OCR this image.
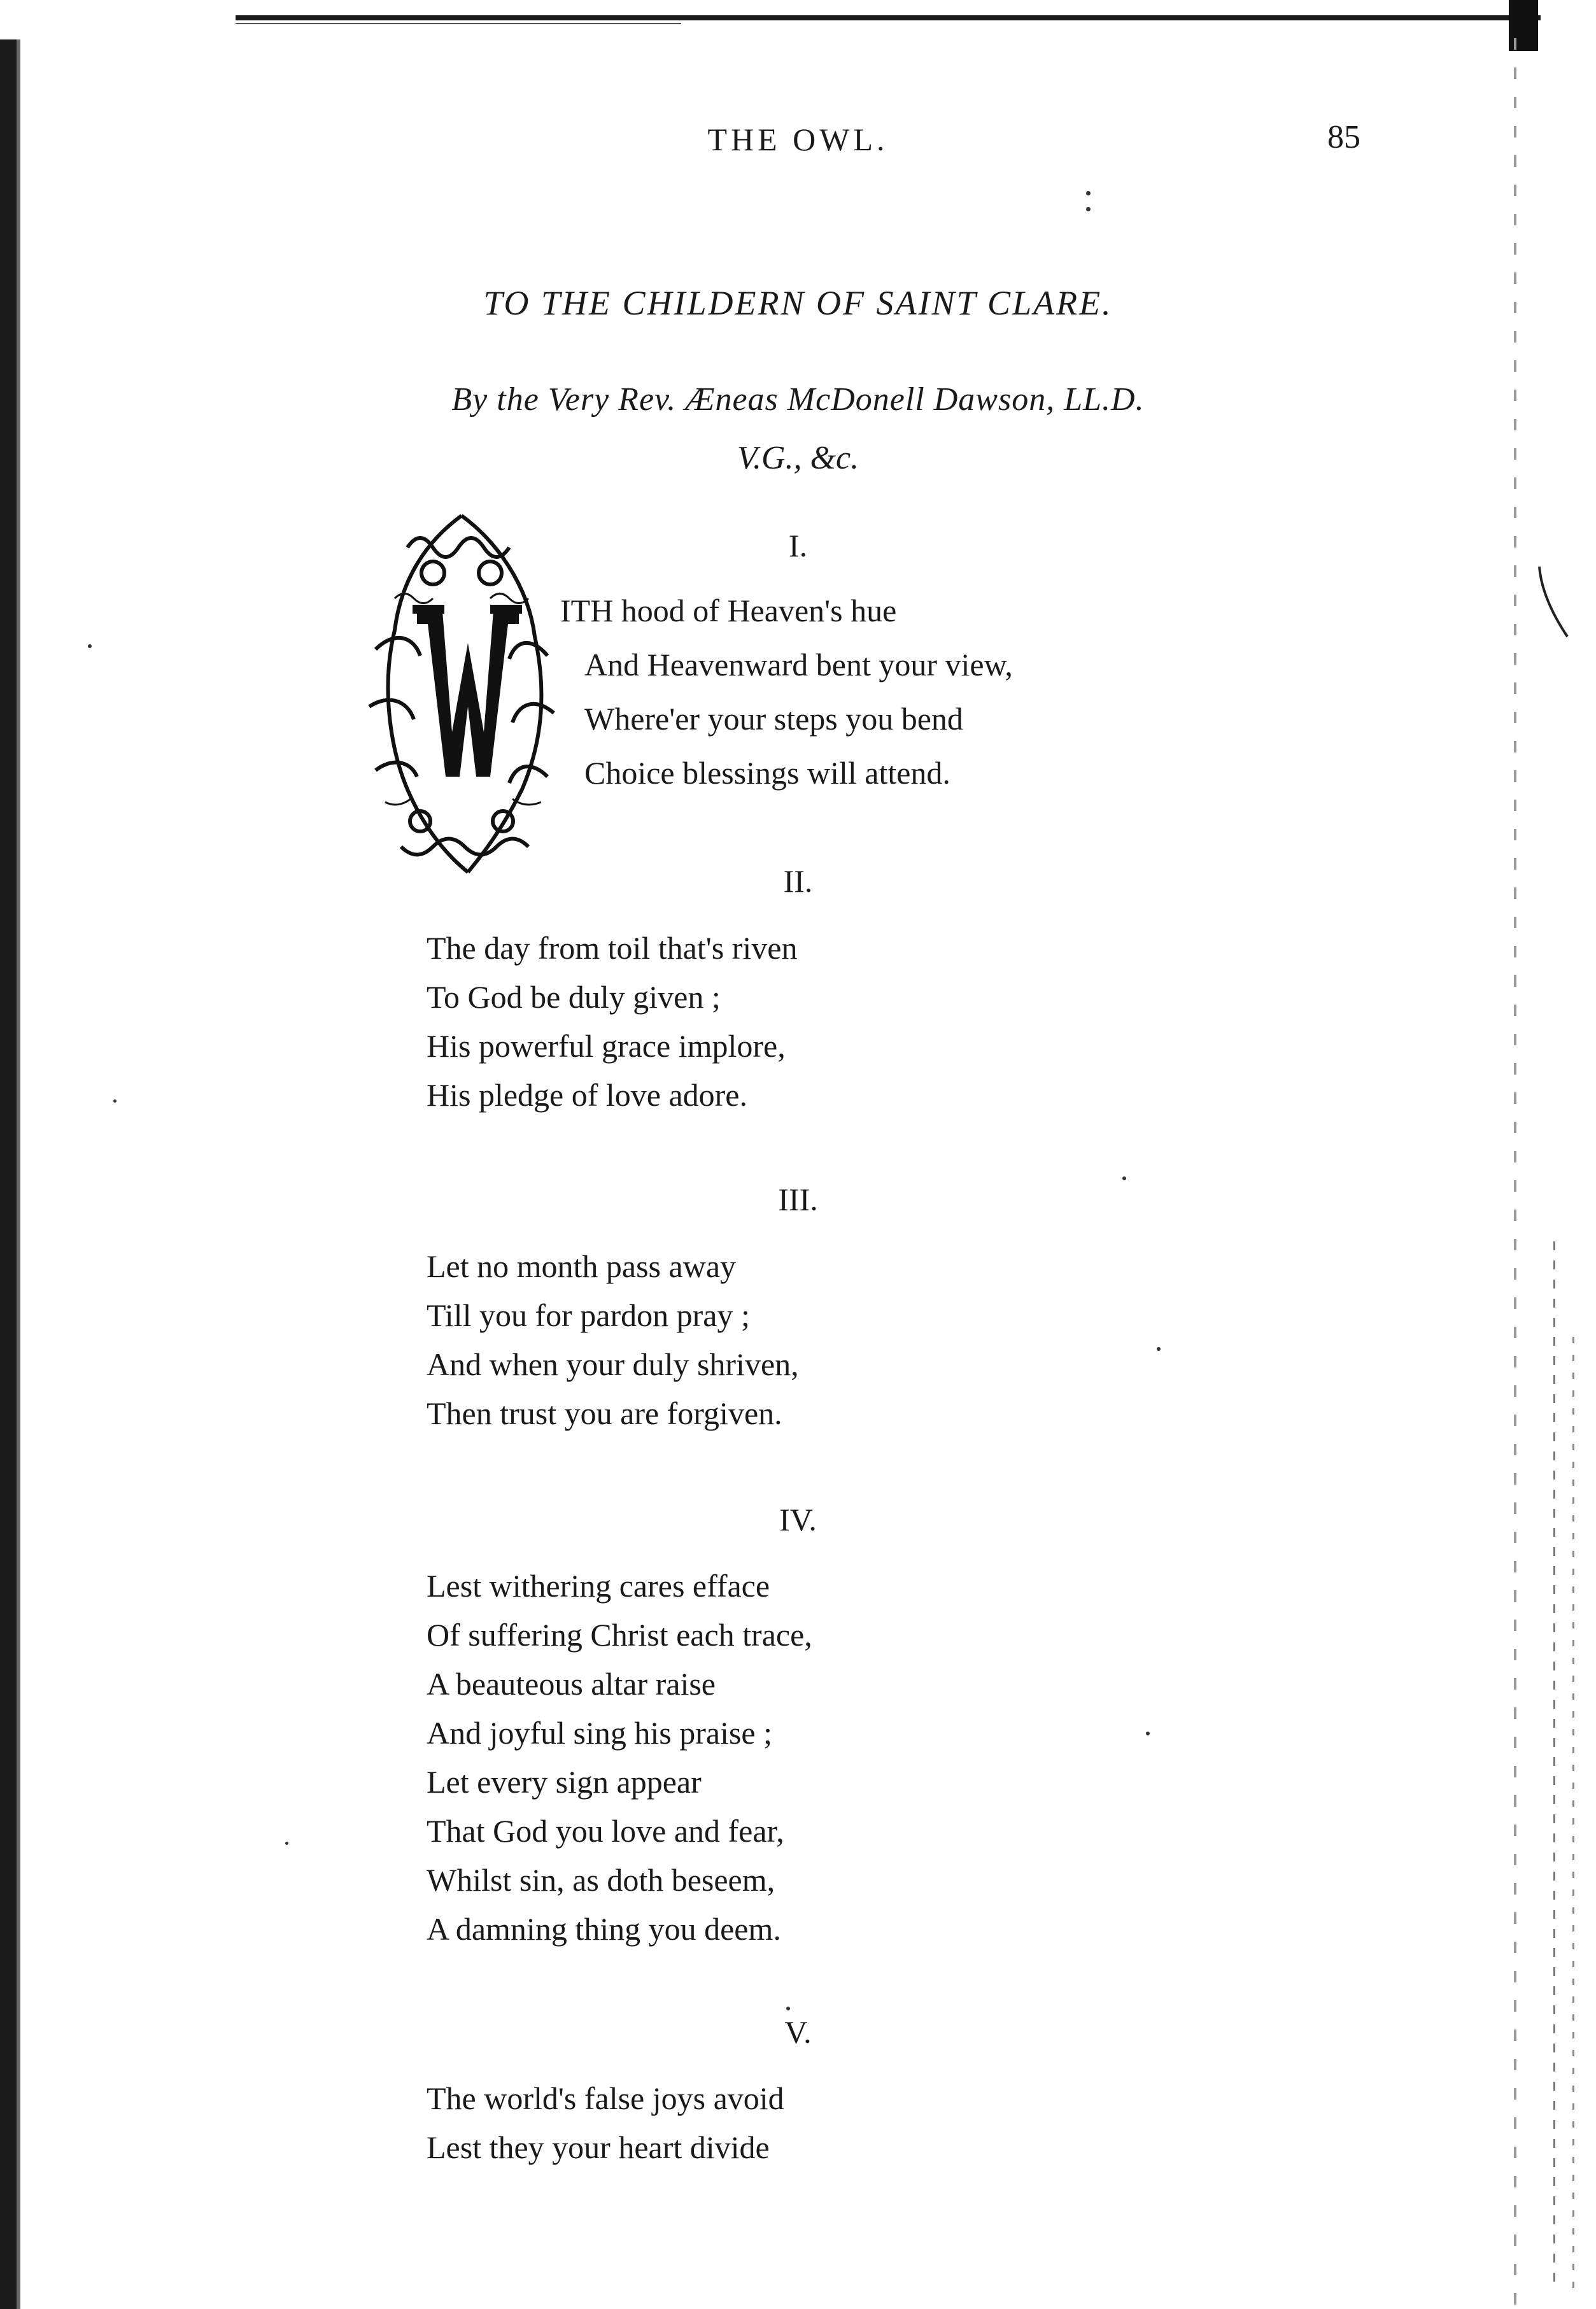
THE OWL.	85
TO THE CHILDERN OF SAINT CLARE.
By the Very Rev. Æneas McDonell Dawson, LL.D.
V.G., &c.
I.
ITH hood of Heaven's hue
And Heavenward bent your view,
Where'er your steps you bend
Choice blessings will attend.
II.
The day from toil that's riven
To God be duly given ;
His powerful grace implore,
His pledge of love adore.
III.
Let no month pass away
Till you for pardon pray ;
And when your duly shriven,
Then trust you are forgiven.
IV.
Lest withering cares efface
Of suffering Christ each trace,
A beauteous altar raise
And joyful sing his praise ;
Let every sign appear
That God you love and fear,
Whilst sin, as doth beseem,
A damning thing you deem.
V.
The world's false joys avoid
Lest they your heart divide
